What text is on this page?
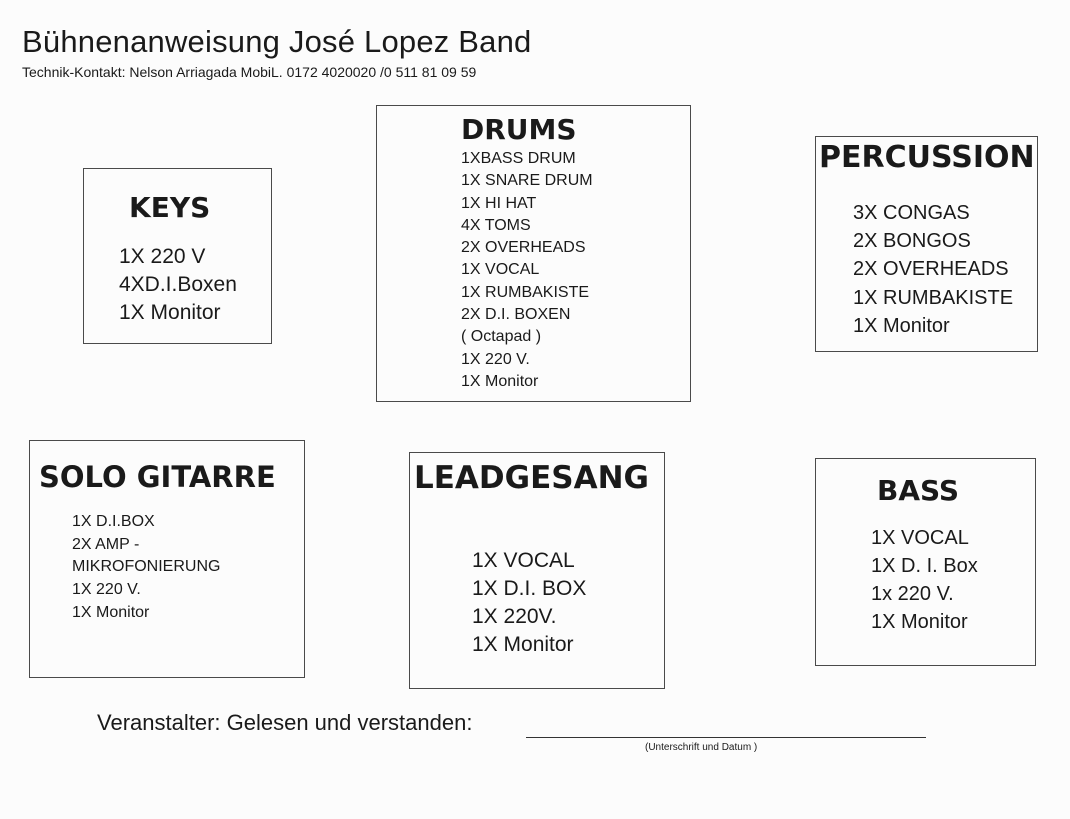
Bühnenanweisung José Lopez Band
Technik-Kontakt: Nelson Arriagada MobiL. 0172 4020020 /0 511 81 09 59
KEYS
1X 220 V
4XD.I.Boxen
1X Monitor
DRUMS
1XBASS DRUM
1X SNARE DRUM
1X HI HAT
4X TOMS
2X OVERHEADS
1X VOCAL
1X RUMBAKISTE
2X D.I. BOXEN
( Octapad )
1X 220 V.
1X Monitor
PERCUSSION
3X CONGAS
2X BONGOS
2X OVERHEADS
1X RUMBAKISTE
1X Monitor
SOLO GITARRE
1X D.I.BOX
2X AMP -
MIKROFONIERUNG
1X 220 V.
1X Monitor
LEADGESANG
1X VOCAL
1X D.I. BOX
1X 220V.
1X Monitor
BASS
1X VOCAL
1X D. I. Box
1x 220 V.
1X Monitor
Veranstalter: Gelesen und verstanden:
(Unterschrift und Datum )
